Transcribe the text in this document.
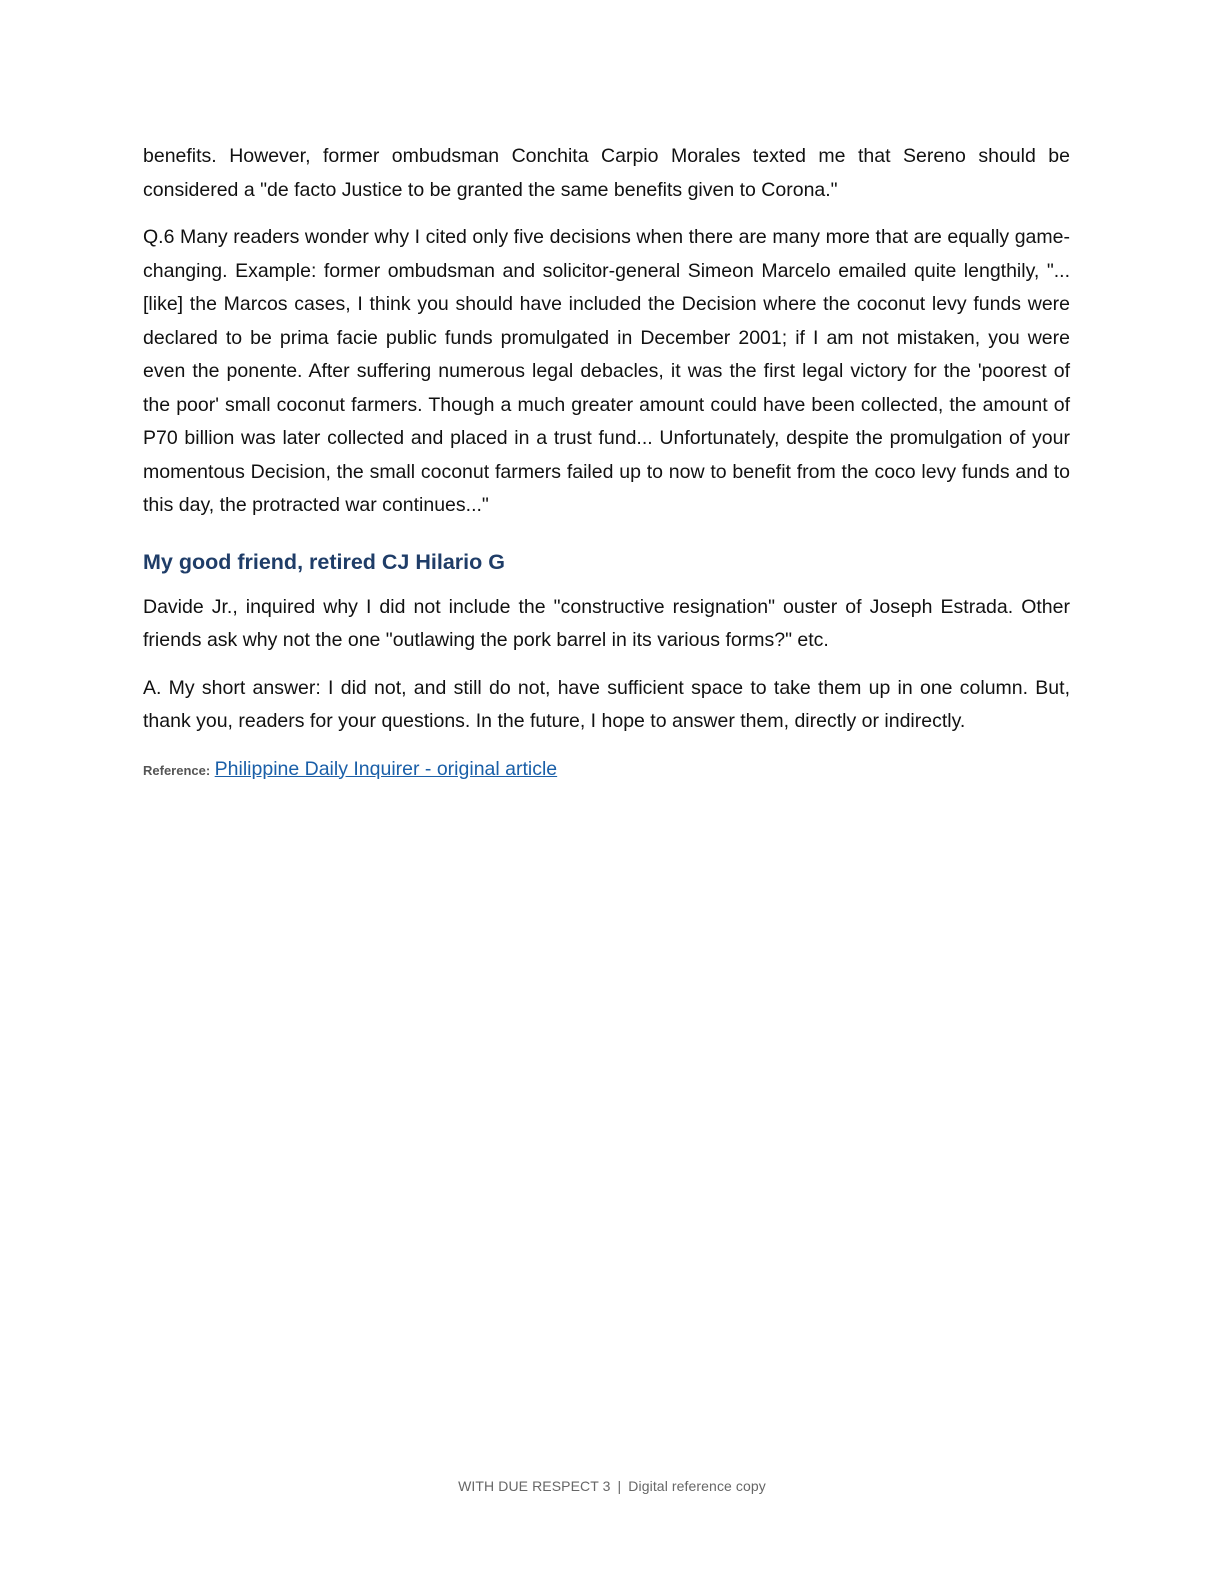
benefits. However, former ombudsman Conchita Carpio Morales texted me that Sereno should be considered a "de facto Justice to be granted the same benefits given to Corona."

Q.6 Many readers wonder why I cited only five decisions when there are many more that are equally game-changing. Example: former ombudsman and solicitor-general Simeon Marcelo emailed quite lengthily, "... [like] the Marcos cases, I think you should have included the Decision where the coconut levy funds were declared to be prima facie public funds promulgated in December 2001; if I am not mistaken, you were even the ponente. After suffering numerous legal debacles, it was the first legal victory for the 'poorest of the poor' small coconut farmers. Though a much greater amount could have been collected, the amount of P70 billion was later collected and placed in a trust fund... Unfortunately, despite the promulgation of your momentous Decision, the small coconut farmers failed up to now to benefit from the coco levy funds and to this day, the protracted war continues..."

My good friend, retired CJ Hilario G

Davide Jr., inquired why I did not include the "constructive resignation" ouster of Joseph Estrada. Other friends ask why not the one "outlawing the pork barrel in its various forms?" etc.

A. My short answer: I did not, and still do not, have sufficient space to take them up in one column. But, thank you, readers for your questions. In the future, I hope to answer them, directly or indirectly.

Reference: Philippine Daily Inquirer - original article
WITH DUE RESPECT 3 | Digital reference copy
